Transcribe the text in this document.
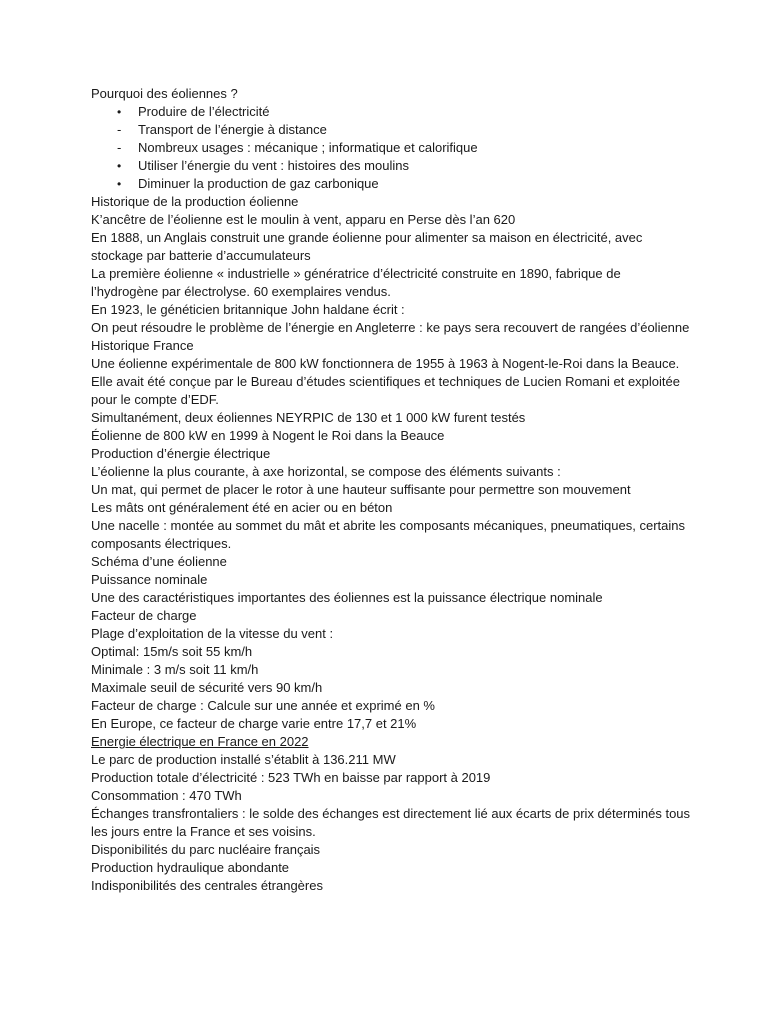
Pourquoi des éoliennes ?

•	Produire de l’électricité
-	Transport de l’énergie à distance
-	Nombreux usages : mécanique ; informatique et calorifique
•	Utiliser l’énergie du vent : histoires des moulins
•	Diminuer la production de gaz carbonique

Historique de la production éolienne

K’ancêtre de l’éolienne est le moulin à vent, apparu en Perse dès l’an 620

En 1888, un Anglais construit une grande éolienne pour alimenter sa maison en électricité, avec stockage par batterie d’accumulateurs

La première éolienne « industrielle » génératrice d’électricité construite en 1890, fabrique de l’hydrogène par électrolyse. 60 exemplaires vendus.

En 1923, le généticien britannique John haldane écrit :

On peut résoudre le problème de l’énergie en Angleterre : ke pays sera recouvert de rangées d’éolienne

Historique France

Une éolienne expérimentale de 800 kW fonctionnera de 1955 à 1963 à Nogent-le-Roi dans la Beauce. Elle avait été conçue par le Bureau d’études scientifiques et techniques de Lucien Romani et exploitée pour le compte d’EDF.

Simultanément, deux éoliennes NEYRPIC de 130 et 1 000 kW furent testés

Éolienne de 800 kW en 1999 à Nogent le Roi dans la Beauce

Production d’énergie électrique

L’éolienne la plus courante, à axe horizontal, se compose des éléments suivants :

Un mat, qui permet de placer le rotor à une hauteur suffisante pour permettre son mouvement

Les mâts ont généralement été en acier ou en béton

Une nacelle : montée au sommet du mât et abrite les composants mécaniques, pneumatiques, certains composants électriques.

Schéma d’une éolienne

Puissance nominale

Une des caractéristiques importantes des éoliennes est la puissance électrique nominale

Facteur de charge

Plage d’exploitation de la vitesse du vent :

Optimal: 15m/s soit 55 km/h

Minimale : 3 m/s soit 11 km/h

Maximale seuil de sécurité vers 90 km/h

Facteur de charge : Calcule sur une année et exprimé en %

En Europe, ce facteur de charge varie entre 17,7 et 21%

Energie électrique en France en 2022

Le parc de production installé s’établit à 136.211 MW

Production totale d’électricité : 523 TWh en baisse par rapport à 2019

Consommation : 470 TWh

Échanges transfrontaliers : le solde des échanges est directement lié aux écarts de prix déterminés tous les jours entre la France et ses voisins.

Disponibilités du parc nucléaire français

Production hydraulique abondante

Indisponibilités des centrales étrangères
